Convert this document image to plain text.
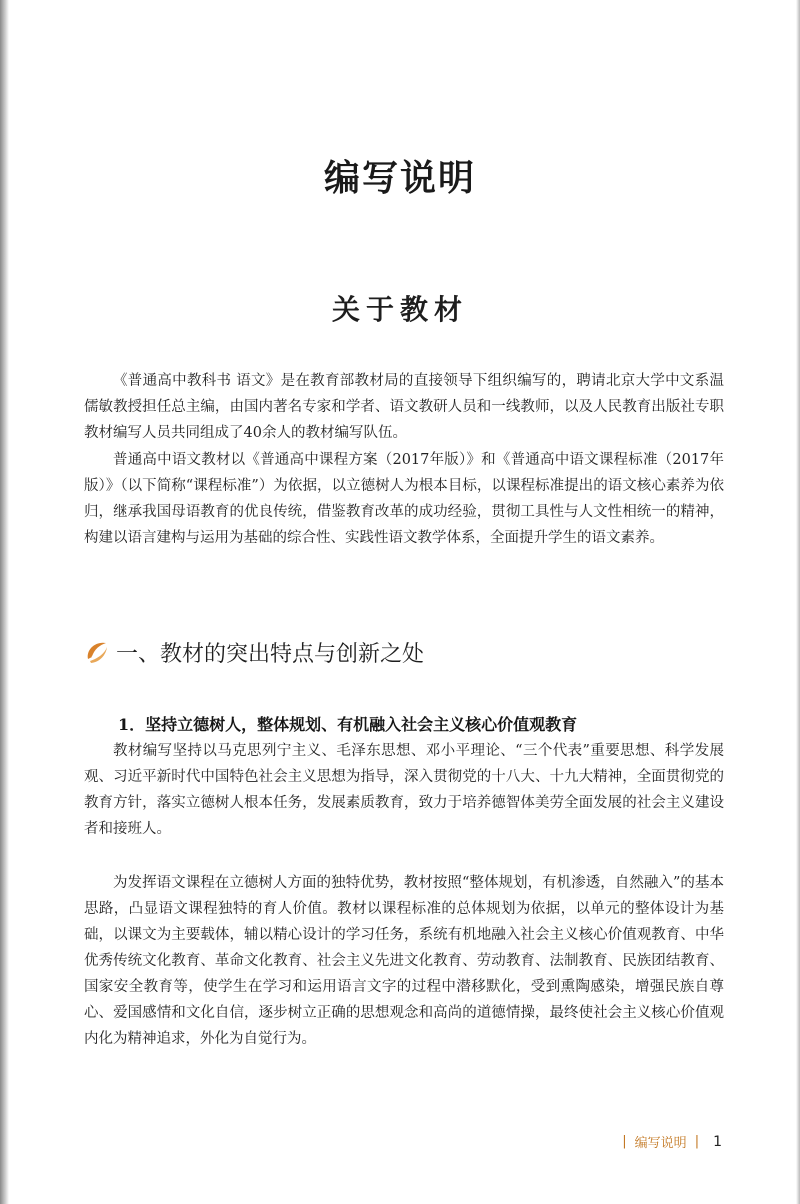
编写说明
关于教材

《普通高中教科书 语文》是在教育部教材局的直接领导下组织编写的，聘请北京大学中文系温儒敏教授担任总主编，由国内著名专家和学者、语文教研人员和一线教师，以及人民教育出版社专职教材编写人员共同组成了40余人的教材编写队伍。

普通高中语文教材以《普通高中课程方案（2017年版）》和《普通高中语文课程标准（2017年版）》（以下简称“课程标准”）为依据，以立德树人为根本目标，以课程标准提出的语文核心素养为依归，继承我国母语教育的优良传统，借鉴教育改革的成功经验，贯彻工具性与人文性相统一的精神，构建以语言建构与运用为基础的综合性、实践性语文教学体系，全面提升学生的语文素养。

一、教材的突出特点与创新之处
1．坚持立德树人，整体规划、有机融入社会主义核心价值观教育

教材编写坚持以马克思列宁主义、毛泽东思想、邓小平理论、“三个代表”重要思想、科学发展观、习近平新时代中国特色社会主义思想为指导，深入贯彻党的十八大、十九大精神，全面贯彻党的教育方针，落实立德树人根本任务，发展素质教育，致力于培养德智体美劳全面发展的社会主义建设者和接班人。

为发挥语文课程在立德树人方面的独特优势，教材按照“整体规划，有机渗透，自然融入”的基本思路，凸显语文课程独特的育人价值。教材以课程标准的总体规划为依据，以单元的整体设计为基础，以课文为主要载体，辅以精心设计的学习任务，系统有机地融入社会主义核心价值观教育、中华优秀传统文化教育、革命文化教育、社会主义先进文化教育、劳动教育、法制教育、民族团结教育、国家安全教育等，使学生在学习和运用语言文字的过程中潜移默化，受到熏陶感染，增强民族自尊心、爱国感情和文化自信，逐步树立正确的思想观念和高尚的道德情操，最终使社会主义核心价值观内化为精神追求，外化为自觉行为。

| 编写说明 | 1
